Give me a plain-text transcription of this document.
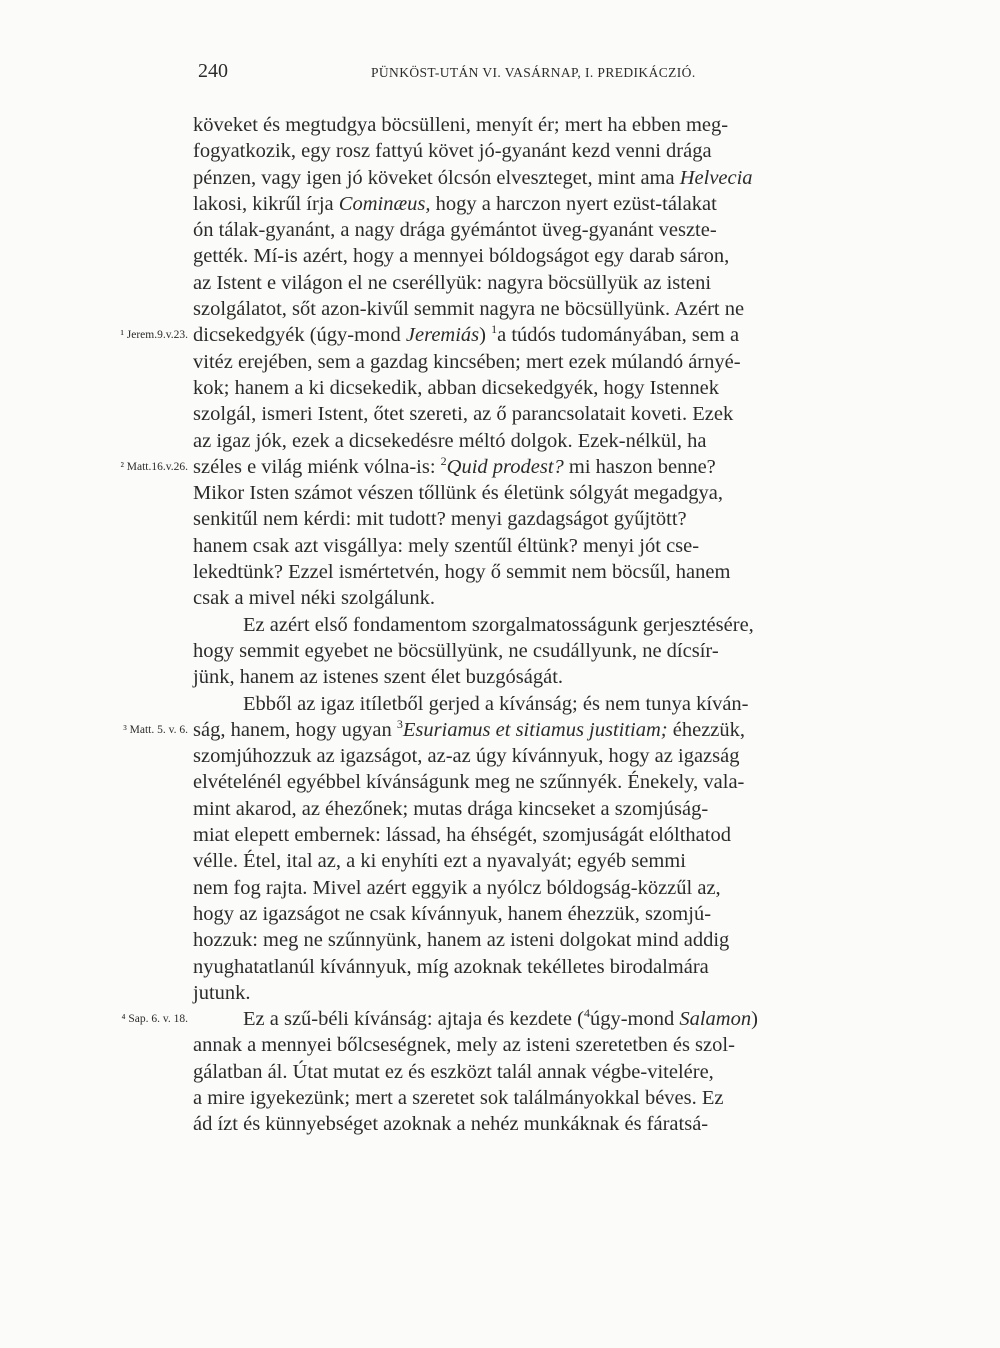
240	PÜNKÖST-UTÁN VI. VASÁRNAP, I. PREDIKÁCZIÓ.
köveket és megtudgya böcsülleni, menyít ér; mert ha ebben meg-
fogyatkozik, egy rosz fattyú követ jó-gyanánt kezd venni drága
pénzen, vagy igen jó köveket ólcsón elveszteget, mint ama Helvecia
lakosi, kikrűl írja Cominæus, hogy a harczon nyert ezüst-tálakat
ón tálak-gyanánt, a nagy drága gyémántot üveg-gyanánt veszte-
gették. Mí-is azért, hogy a mennyei bóldogságot egy darab sáron,
az Istent e világon el ne cseréllyük: nagyra böcsüllyük az isteni
szolgálatot, sőt azon-kivűl semmit nagyra ne böcsüllyünk. Azért ne
¹ Jerem.9.v.23. dicsekedgyék (úgy-mond Jeremiás) $^1$a túdós tudományában, sem a
vitéz erejében, sem a gazdag kincsében; mert ezek múlandó árnyé-
kok; hanem a ki dicsekedik, abban dicsekedgyék, hogy Istennek
szolgál, ismeri Istent, őtet szereti, az ő parancsolatait koveti. Ezek
az igaz jók, ezek a dicsekedésre méltó dolgok. Ezek-nélkül, ha
² Matt.16.v.26. széles e világ miénk vólna-is: $^2$Quid prodest? mi haszon benne?
Mikor Isten számot vészen tőllünk és életünk sólgyát megadgya,
senkitűl nem kérdi: mit tudott? menyi gazdagságot gyűjtött?
hanem csak azt visgállya: mely szentűl éltünk? menyi jót cse-
lekedtünk? Ezzel ismértetvén, hogy ő semmit nem böcsűl, hanem
csak a mivel néki szolgálunk.
Ez azért első fondamentom szorgalmatosságunk gerjesztésére,
hogy semmit egyebet ne böcsüllyünk, ne csudállyunk, ne dícsír-
jünk, hanem az istenes szent élet buzgóságát.
Ebből az igaz itíletből gerjed a kívánság; és nem tunya kíván-
³ Matt. 5. v. 6. ság, hanem, hogy ugyan $^3$Esuriamus et sitiamus justitiam; éhezzük,
szomjúhozzuk az igazságot, az-az úgy kívánnyuk, hogy az igazság
elvételénél egyébbel kívánságunk meg ne szűnnyék. Énekely, vala-
mint akarod, az éhezőnek; mutas drága kincseket a szomjúság-
miat elepett embernek: lássad, ha éhségét, szomjuságát elólthatod
vélle. Étel, ital az, a ki enyhíti ezt a nyavalyát; egyéb semmi
nem fog rajta. Mivel azért eggyik a nyólcz bóldogság-közzűl az,
hogy az igazságot ne csak kívánnyuk, hanem éhezzük, szomjú-
hozzuk: meg ne szűnnyünk, hanem az isteni dolgokat mind addig
nyughatatlanúl kívánnyuk, míg azoknak tekélletes birodalmára
jutunk.
⁴ Sap. 6. v. 18.	Ez a szű-béli kívánság: ajtaja és kezdete ($^4$úgy-mond Salamon)
annak a mennyei bőlcseségnek, mely az isteni szeretetben és szol-
gálatban ál. Útat mutat ez és eszközt talál annak végbe-vitelére,
a mire igyekezünk; mert a szeretet sok találmányokkal béves. Ez
ád ízt és künnyebséget azoknak a nehéz munkáknak és fáratsá-
